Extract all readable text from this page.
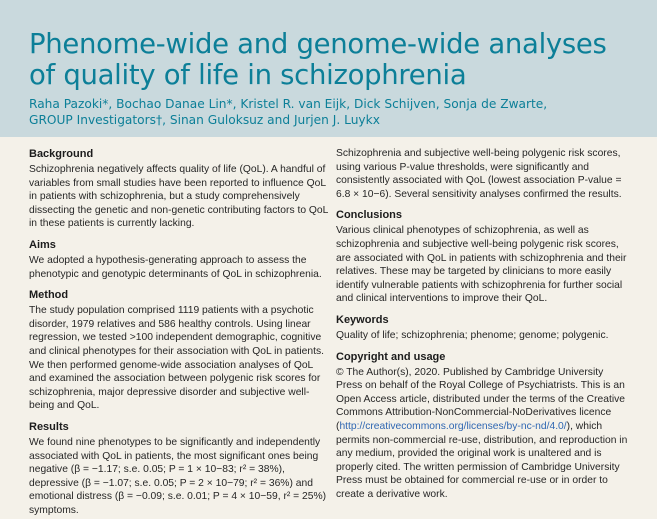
Phenome-wide and genome-wide analyses of quality of life in schizophrenia

Raha Pazoki*, Bochao Danae Lin*, Kristel R. van Eijk, Dick Schijven, Sonja de Zwarte,
GROUP Investigators†, Sinan Guloksuz and Jurjen J. Luykx

Background

Schizophrenia negatively affects quality of life (QoL). A handful of variables from small studies have been reported to influence QoL in patients with schizophrenia, but a study comprehensively dissecting the genetic and non-genetic contributing factors to QoL in these patients is currently lacking.

Aims

We adopted a hypothesis-generating approach to assess the phenotypic and genotypic determinants of QoL in schizophrenia.

Method

The study population comprised 1119 patients with a psychotic disorder, 1979 relatives and 586 healthy controls. Using linear regression, we tested >100 independent demographic, cognitive and clinical phenotypes for their association with QoL in patients. We then performed genome-wide association analyses of QoL and examined the association between polygenic risk scores for schizophrenia, major depressive disorder and subjective well-being and QoL.

Results

We found nine phenotypes to be significantly and independently associated with QoL in patients, the most significant ones being negative (β = −1.17; s.e. 0.05; P = 1 × 10−83; r² = 38%), depressive (β = −1.07; s.e. 0.05; P = 2 × 10−79; r² = 36%) and emotional distress (β = −0.09; s.e. 0.01; P = 4 × 10−59, r² = 25%) symptoms.

Schizophrenia and subjective well-being polygenic risk scores, using various P-value thresholds, were significantly and consistently associated with QoL (lowest association P-value = 6.8 × 10−6). Several sensitivity analyses confirmed the results.

Conclusions

Various clinical phenotypes of schizophrenia, as well as schizophrenia and subjective well-being polygenic risk scores, are associated with QoL in patients with schizophrenia and their relatives. These may be targeted by clinicians to more easily identify vulnerable patients with schizophrenia for further social and clinical interventions to improve their QoL.

Keywords

Quality of life; schizophrenia; phenome; genome; polygenic.

Copyright and usage

© The Author(s), 2020. Published by Cambridge University Press on behalf of the Royal College of Psychiatrists. This is an Open Access article, distributed under the terms of the Creative Commons Attribution-NonCommercial-NoDerivatives licence (http://creativecommons.org/licenses/by-nc-nd/4.0/), which permits non-commercial re-use, distribution, and reproduction in any medium, provided the original work is unaltered and is properly cited. The written permission of Cambridge University Press must be obtained for commercial re-use or in order to create a derivative work.
